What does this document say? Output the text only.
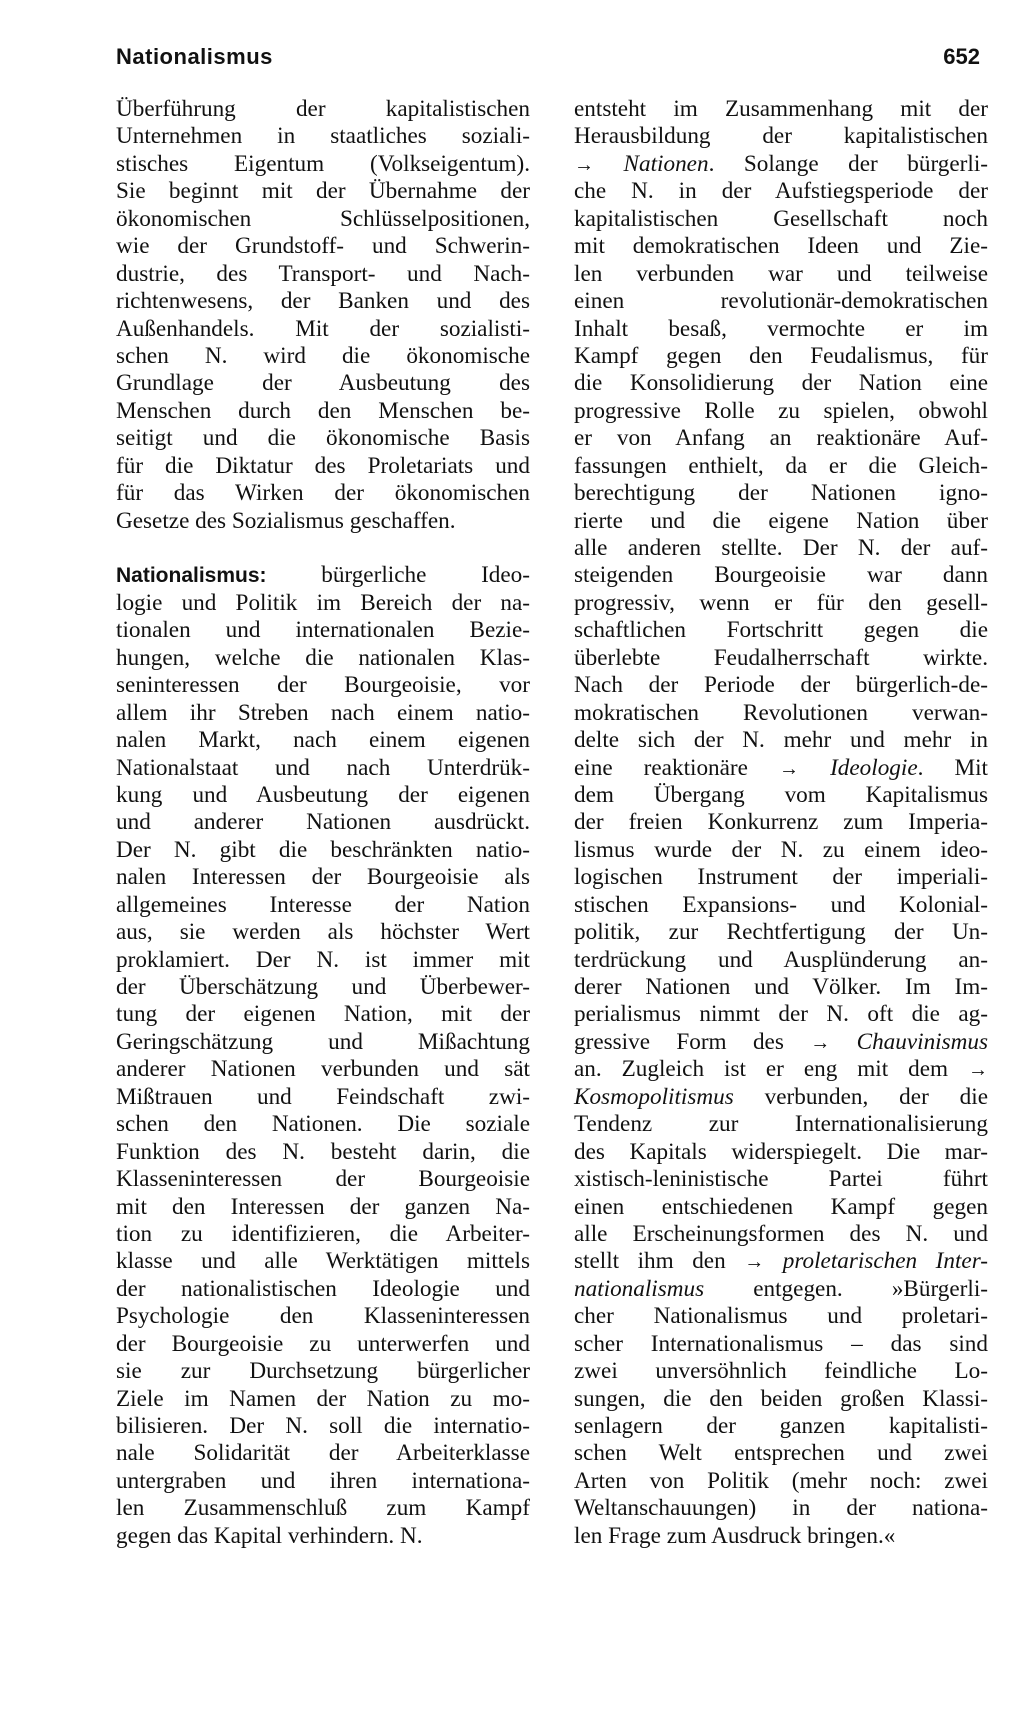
Nationalismus	652
Überführung der kapitalistischen
Unternehmen in staatliches soziali-
stisches Eigentum (Volkseigentum).
Sie beginnt mit der Übernahme der
ökonomischen Schlüsselpositionen,
wie der Grundstoff- und Schwerin-
dustrie, des Transport- und Nach-
richtenwesens, der Banken und des
Außenhandels. Mit der sozialisti-
schen N. wird die ökonomische
Grundlage der Ausbeutung des
Menschen durch den Menschen be-
seitigt und die ökonomische Basis
für die Diktatur des Proletariats und
für das Wirken der ökonomischen
Gesetze des Sozialismus geschaffen.
Nationalismus: bürgerliche Ideo-
logie und Politik im Bereich der na-
tionalen und internationalen Bezie-
hungen, welche die nationalen Klas-
seninteressen der Bourgeoisie, vor
allem ihr Streben nach einem natio-
nalen Markt, nach einem eigenen
Nationalstaat und nach Unterdrük-
kung und Ausbeutung der eigenen
und anderer Nationen ausdrückt.
Der N. gibt die beschränkten natio-
nalen Interessen der Bourgeoisie als
allgemeines Interesse der Nation
aus, sie werden als höchster Wert
proklamiert. Der N. ist immer mit
der Überschätzung und Überbewer-
tung der eigenen Nation, mit der
Geringschätzung und Mißachtung
anderer Nationen verbunden und sät
Mißtrauen und Feindschaft zwi-
schen den Nationen. Die soziale
Funktion des N. besteht darin, die
Klasseninteressen der Bourgeoisie
mit den Interessen der ganzen Na-
tion zu identifizieren, die Arbeiter-
klasse und alle Werktätigen mittels
der nationalistischen Ideologie und
Psychologie den Klasseninteressen
der Bourgeoisie zu unterwerfen und
sie zur Durchsetzung bürgerlicher
Ziele im Namen der Nation zu mo-
bilisieren. Der N. soll die internatio-
nale Solidarität der Arbeiterklasse
untergraben und ihren internationa-
len Zusammenschluß zum Kampf
gegen das Kapital verhindern. N.
entsteht im Zusammenhang mit der
Herausbildung der kapitalistischen
→ Nationen. Solange der bürgerli-
che N. in der Aufstiegsperiode der
kapitalistischen Gesellschaft noch
mit demokratischen Ideen und Zie-
len verbunden war und teilweise
einen revolutionär-demokratischen
Inhalt besaß, vermochte er im
Kampf gegen den Feudalismus, für
die Konsolidierung der Nation eine
progressive Rolle zu spielen, obwohl
er von Anfang an reaktionäre Auf-
fassungen enthielt, da er die Gleich-
berechtigung der Nationen igno-
rierte und die eigene Nation über
alle anderen stellte. Der N. der auf-
steigenden Bourgeoisie war dann
progressiv, wenn er für den gesell-
schaftlichen Fortschritt gegen die
überlebte Feudalherrschaft wirkte.
Nach der Periode der bürgerlich-de-
mokratischen Revolutionen verwan-
delte sich der N. mehr und mehr in
eine reaktionäre → Ideologie. Mit
dem Übergang vom Kapitalismus
der freien Konkurrenz zum Imperia-
lismus wurde der N. zu einem ideo-
logischen Instrument der imperiali-
stischen Expansions- und Kolonial-
politik, zur Rechtfertigung der Un-
terdrückung und Ausplünderung an-
derer Nationen und Völker. Im Im-
perialismus nimmt der N. oft die ag-
gressive Form des → Chauvinismus
an. Zugleich ist er eng mit dem →
Kosmopolitismus verbunden, der die
Tendenz zur Internationalisierung
des Kapitals widerspiegelt. Die mar-
xistisch-leninistische Partei führt
einen entschiedenen Kampf gegen
alle Erscheinungsformen des N. und
stellt ihm den → proletarischen Inter-
nationalismus entgegen. »Bürgerli-
cher Nationalismus und proletari-
scher Internationalismus – das sind
zwei unversöhnlich feindliche Lo-
sungen, die den beiden großen Klassi-
senlagern der ganzen kapitalisti-
schen Welt entsprechen und zwei
Arten von Politik (mehr noch: zwei
Weltanschauungen) in der nationa-
len Frage zum Ausdruck bringen.«
